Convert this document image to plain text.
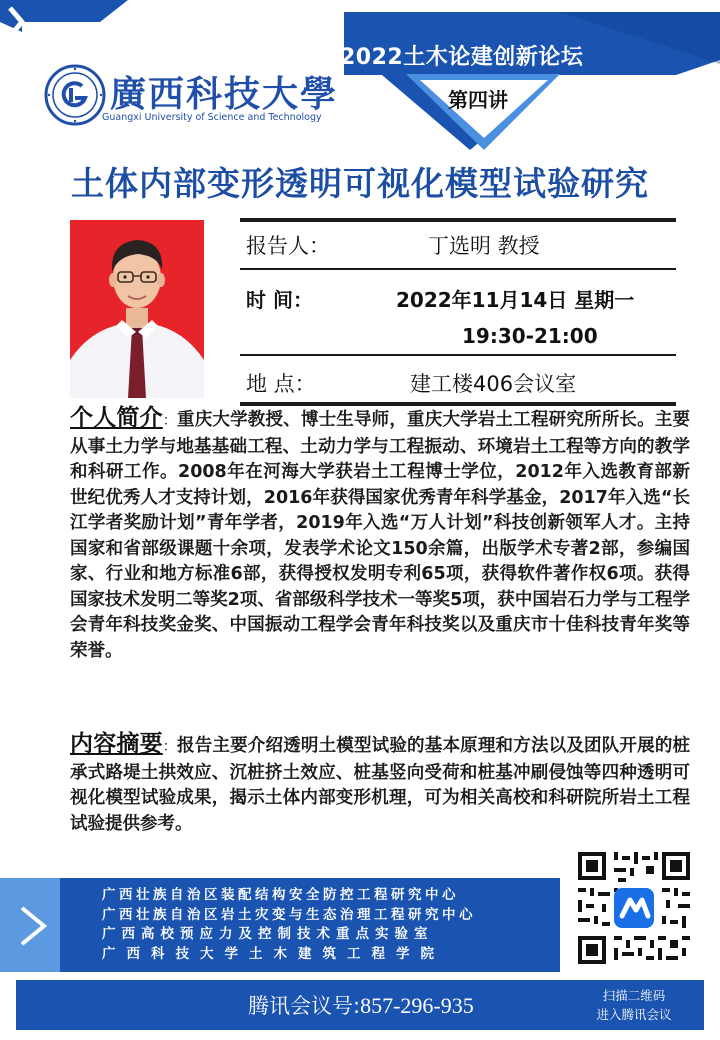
2022土木论建创新论坛
第四讲
廣西科技大學
Guangxi University of Science and Technology
土体内部变形透明可视化模型试验研究
报告人：	丁选明 教授
时 间：	2022年11月14日 星期一
19:30-21:00
地 点：	建工楼406会议室
个人简介：重庆大学教授、博士生导师，重庆大学岩土工程研究所所长。主要从事土力学与地基基础工程、土动力学与工程振动、环境岩土工程等方向的教学和科研工作。2008年在河海大学获岩土工程博士学位，2012年入选教育部新世纪优秀人才支持计划，2016年获得国家优秀青年科学基金，2017年入选“长江学者奖励计划”青年学者，2019年入选“万人计划”科技创新领军人才。主持国家和省部级课题十余项，发表学术论文150余篇，出版学术专著2部，参编国家、行业和地方标准6部，获得授权发明专利65项，获得软件著作权6项。获得国家技术发明二等奖2项、省部级科学技术一等奖5项，获中国岩石力学与工程学会青年科技奖金奖、中国振动工程学会青年科技奖以及重庆市十佳科技青年奖等荣誉。
内容摘要：报告主要介绍透明土模型试验的基本原理和方法以及团队开展的桩承式路堤土拱效应、沉桩挤土效应、桩基竖向受荷和桩基冲刷侵蚀等四种透明可视化模型试验成果，揭示土体内部变形机理，可为相关高校和科研院所岩土工程试验提供参考。
广西壮族自治区装配结构安全防控工程研究中心
广西壮族自治区岩土灾变与生态治理工程研究中心
广西高校预应力及控制技术重点实验室
广西科技大学土木建筑工程学院
腾讯会议号:857-296-935	扫描二维码
进入腾讯会议
